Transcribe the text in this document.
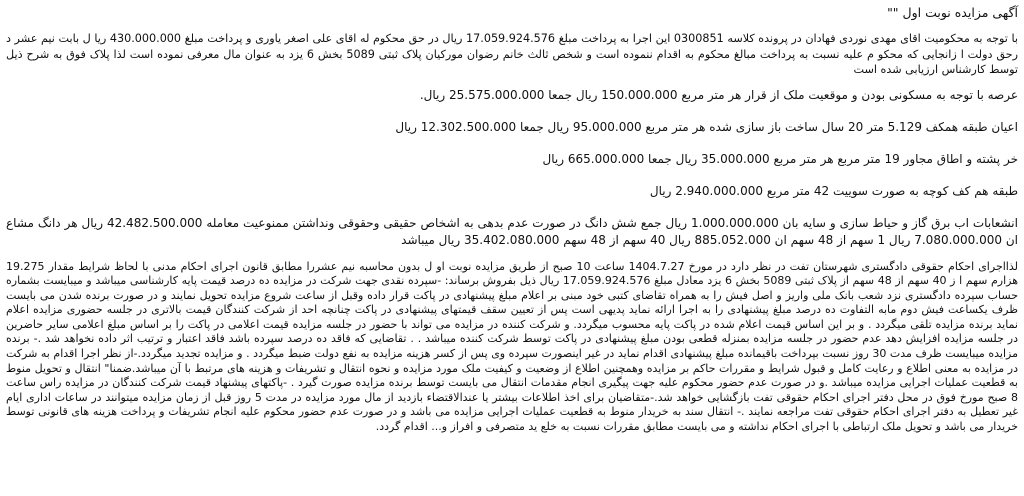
آگهی مزایده نوبت اول ""

با توجه به محکومیت اقای مهدی نوردی فهادان در پرونده کلاسه 0300851 این اجرا به پرداخت مبلغ 17.059.924.576 ریال در حق محکوم له اقای علی اصغر یاوری و پرداخت مبلغ 430.000.000 ریا ل بابت نیم عشر د رحق دولت ا زانجایی که محکو م علیه نسبت به پرداخت مبالغ محکوم به اقدام ننموده است و شخص ثالث خانم رضوان مورکیان پلاک ثبتی 5089 بخش 6 یزد به عنوان مال معرفی نموده است لذا پلاک فوق به شرح ذیل توسط کارشناس ارزیابی شده است

عرصه با توجه به مسکونی بودن و موقعیت ملک از قرار هر متر مربع 150.000.000 ریال جمعا 25.575.000.000 ریال.

اعیان طبقه همکف 5.129 متر 20 سال ساخت باز سازی شده هر متر مربع 95.000.000 ریال جمعا 12.302.500.000 ریال

خر پشته و اطاق مجاور 19 متر مربع هر متر مربع 35.000.000 ریال جمعا 665.000.000 ریال

طبقه هم کف کوچه به صورت سوییت 42 متر مربع 2.940.000.000 ریال

انشعابات اب برق گاز و حیاط سازی و سایه بان 1.000.000.000 ریال جمع شش دانگ در صورت عدم بدهی به اشخاص حقیقی وحقوقی ونداشتن ممنوعیت معامله 42.482.500.000 ریال هر دانگ مشاع ان 7.080.000.000 ریال 1 سهم از 48 سهم ان 885.052.000 ریال 40 سهم از 48 سهم 35.402.080.000 ریال میباشد

لذااجرای احکام حقوقی دادگستری شهرستان تفت در نظر دارد در مورخ 1404.7.27 ساعت 10 صبح از طریق مزایده نوبت او ل بدون محاسبه نیم عشررا مطابق قانون اجرای احکام مدنی با لحاظ شرایط مقدار 19.275 هزارم سهم ا ز 40 سهم از 48 سهم از پلاک ثبتی 5089 بخش 6 یزد معادل مبلغ 17.059.924.576 ریال ذیل بفروش برساند: -سپرده نقدی جهت شرکت در مزایده ده درصد قیمت پایه کارشناسی میباشد و میبایست بشماره حساب سپرده دادگستری نزد شعب بانک ملی واریز و اصل فیش را به همراه تقاضای کتبی خود مبنی بر اعلام مبلغ پیشنهادی در پاکت قرار داده وقبل از ساعت شروع مزایده تحویل نمایند و در صورت برنده شدن می بایست ظرف یکساعت فیش دوم مابه التفاوت ده درصد مبلغ پیشنهادی را به اجرا ارائه نماید پدیهی است پس از تعیین سقف قیمتهای پیشنهادی در پاکت چنانچه احد از شرکت کنندگان قیمت بالاتری در جلسه حضوری مزایده اعلام نماید برنده مزایده تلقی میگردد . و بر این اساس قیمت اعلام شده در پاکت پایه محسوب میگردد. و شرکت کننده در مزایده می تواند با حضور در جلسه مزایده قیمت اعلامی در پاکت را بر اساس مبلغ اعلامی سایر حاضرین در جلسه مزایده افزایش دهد عدم حضور در جلسه مزایده بمنزله قطعی بودن مبلغ پیشنهادی در پاکت توسط شرکت کننده میباشد . . تقاضایی که فاقد ده درصد سپرده باشد فاقد اعتبار و ترتیب اثر داده نخواهد شد .- برنده مزایده میبایست ظرف مدت 30 روز نسبت بپرداخت باقیمانده مبلغ پیشنهادی اقدام نماید در غیر اینصورت سپرده وی پس از کسر هزینه مزایده به نفع دولت ضبط میگردد . و مزایده تجدید میگردد.-از نظر اجرا اقدام به شرکت در مزایده به معنی اطلاع و رعایت کامل و قبول شرایط و مقررات حاکم بر مزایده وهمچنین اطلاع از وضعیت و کیفیت ملک مورد مزایده و نحوه انتقال و تشریفات و هزینه های مرتبط با آن میباشد.ضمنا" انتقال و تحویل منوط به قطعیت عملیات اجرایی مزایده میباشد .و در صورت عدم حضور محکوم علیه جهت پیگیری انجام مقدمات انتقال می بایست توسط برنده مزایده صورت گیرد . -پاکتهای پیشنهاد قیمت شرکت کنندگان در مزایده راس ساعت 8 صبح مورخ فوق در محل دفتر اجرای احکام حقوقی تفت بازگشایی خواهد شد.-متقاضیان برای اخذ اطلاعات بیشتر یا عندالاقتضاء بازدید از مال مورد مزایده در مدت 5 روز قبل از زمان مزایده میتوانند در ساعات اداری ایام غیر تعطیل به دفتر اجرای احکام حقوقی تفت مراجعه نمایند .- انتقال سند به خریدار منوط به قطعیت عملیات اجرایی مزایده می باشد و در صورت عدم حضور محکوم علیه انجام تشریفات و پرداخت هزینه های قانونی توسط خریدار می باشد و تحویل ملک ارتباطی با اجرای احکام نداشته و می بایست مطابق مقررات نسبت به خلع ید متصرفی و افراز و... اقدام گردد.
